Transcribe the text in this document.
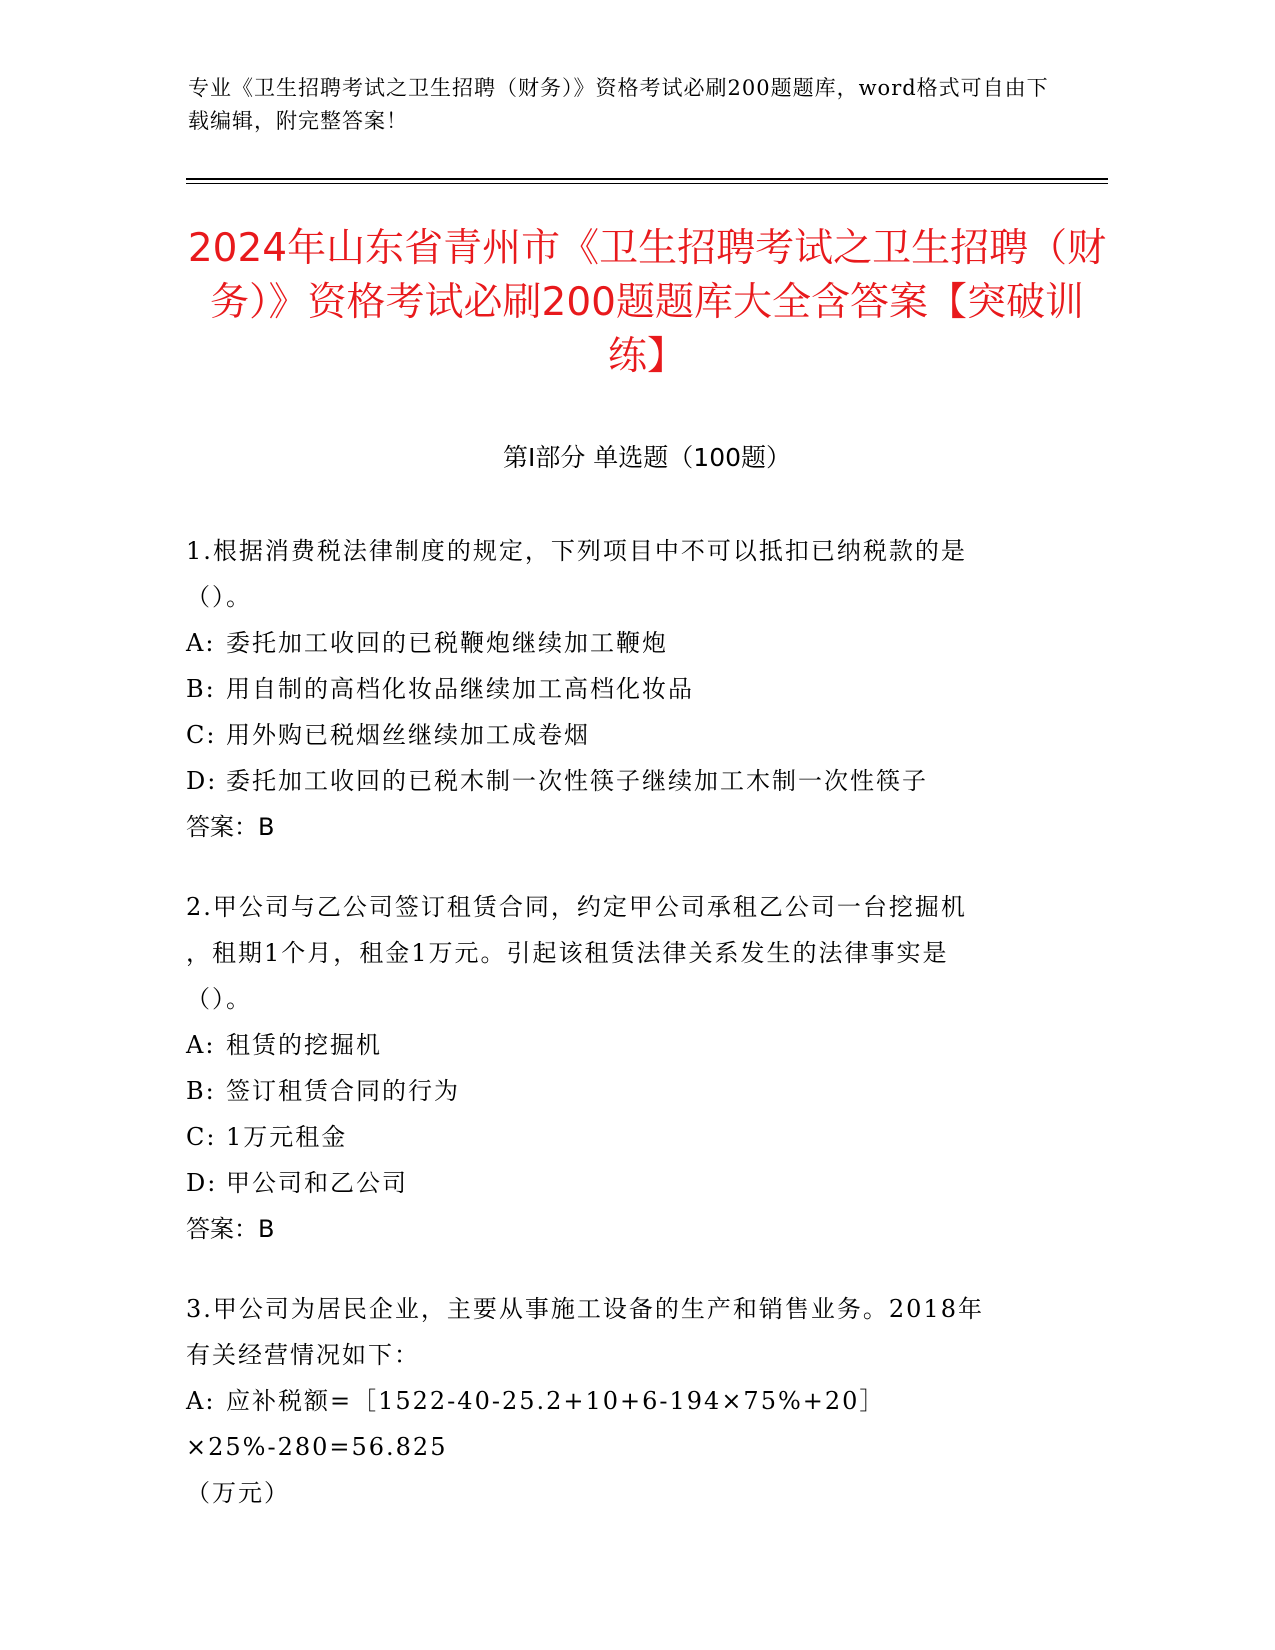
专业《卫生招聘考试之卫生招聘（财务）》资格考试必刷200题题库，word格式可自由下载编辑，附完整答案！
2024年山东省青州市《卫生招聘考试之卫生招聘（财务）》资格考试必刷200题题库大全含答案【突破训练】
第I部分 单选题（100题）
1.根据消费税法律制度的规定，下列项目中不可以抵扣已纳税款的是
（）。
A: 委托加工收回的已税鞭炮继续加工鞭炮
B: 用自制的高档化妆品继续加工高档化妆品
C: 用外购已税烟丝继续加工成卷烟
D: 委托加工收回的已税木制一次性筷子继续加工木制一次性筷子
答案：B
2.甲公司与乙公司签订租赁合同，约定甲公司承租乙公司一台挖掘机
，租期1个月，租金1万元。引起该租赁法律关系发生的法律事实是
（）。
A: 租赁的挖掘机
B: 签订租赁合同的行为
C: 1万元租金
D: 甲公司和乙公司
答案：B
3.甲公司为居民企业，主要从事施工设备的生产和销售业务。2018年
有关经营情况如下：
A: 应补税额=［1522-40-25.2+10+6-194×75%+20］×25%-280=56.825
（万元）
